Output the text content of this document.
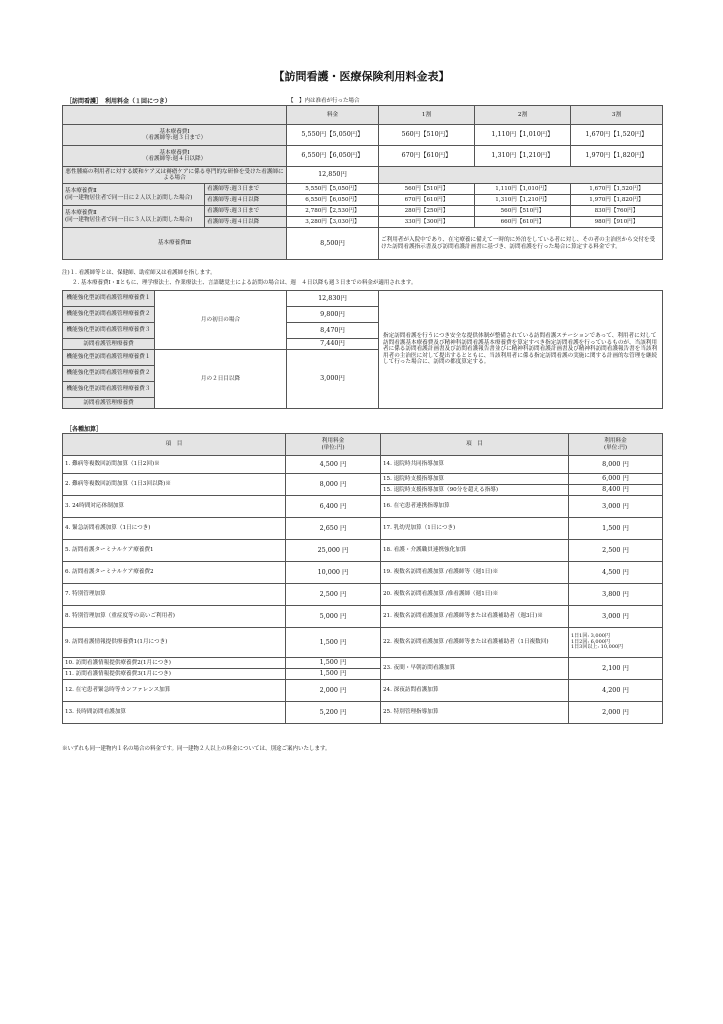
【訪問看護・医療保険利用料金表】
［訪問看護］　利用料金（１回につき）	【　】内は准看が行った場合
		料金	1割	2割	3割
基本療養費Ⅰ
（看護師等:週３日まで）		5,550円【5,050円】	560円【510円】	1,110円【1,010円】	1,670円【1,520円】
基本療養費Ⅰ
（看護師等:週４日以降）		6,550円【6,050円】	670円【610円】	1,310円【1,210円】	1,970円【1,820円】
悪性腫瘍の利用者に対する緩和ケア又は褥瘡ケアに係る専門的な研修を受けた看護師による場合		12,850円			
基本療養費Ⅱ
(同一建物居住者で同一日に２人以上訪問した場合)	看護師等:週３日まで	5,550円【5,050円】	560円【510円】	1,110円【1,010円】	1,670円【1,520円】
	看護師等:週４日以降	6,550円【6,050円】	670円【610円】	1,310円【1,210円】	1,970円【1,820円】
基本療養費Ⅱ
(同一建物居住者で同一日に３人以上訪問した場合)	看護師等:週３日まで	2,780円【2,530円】	280円【250円】	560円【510円】	830円【760円】
	看護師等:週４日以降	3,280円【3,030円】	330円【300円】	660円【610円】	980円【910円】
基本療養費Ⅲ		8,500円	ご利用者が入院中であり、在宅療養に備えて一時的に外泊をしている者に対し、その者の主治医から交付を受けた訪問看護指示書及び訪問看護計画書に基づき、訪問看護を行った場合に算定する料金です。		
注)１. 看護師等とは、保健師、助産師又は看護師を指します。
２. 基本療養費Ⅰ・Ⅱともに、理学療法士、作業療法士、言語聴覚士による訪問の場合は、週　４日以降も週３日までの料金が適用されます。
機能強化型訪問看護管理療養費１	月の初日の場合	12,830円	指定訪問看護を行うにつき安全な提供体制が整備されている訪問看護ステーションであって、利用者に対して訪問看護基本療養費及び精神科訪問看護基本療養費を算定すべき指定訪問看護を行っているものが、当該利用者に係る訪問看護計画書及び訪問看護報告書並びに精神科訪問看護計画書及び精神科訪問看護報告書を当該利用者の主治医に対して提出するとともに、当該利用者に係る指定訪問看護の実施に関する計画的な管理を継続して行った場合に、訪問の都度算定する。
機能強化型訪問看護管理療養費２		9,800円	
機能強化型訪問看護管理療養費３		8,470円	
訪問看護管理療養費		7,440円	
機能強化型訪問看護管理療養費１	月の２日目以降	3,000円	
機能強化型訪問看護管理療養費２			
機能強化型訪問看護管理療養費３			
訪問看護管理療養費			
［各種加算］
項　目	利用料金
(単位:円)	項　目	利用料金
(単位:円)
1. 難病等複数回訪問加算（1日2回)※	4,500 円	14. 退院時共同指導加算	8,000 円
2. 難病等複数回訪問加算（1日3回以降)※	8,000 円	15. 退院時支援指導加算	6,000 円
		15. 退院時支援指導加算（90分を超える指導)	8,400 円
3. 24時間対応体制加算	6,400 円	16. 在宅患者連携指導加算	3,000 円
4. 緊急訪問看護加算（1日につき)	2,650 円	17. 乳幼児加算（1日につき)	1,500 円
5. 訪問看護ターミナルケア療養費1	25,000 円	18. 看護・介護職員連携強化加算	2,500 円
6. 訪問看護ターミナルケア療養費2	10,000 円	19. 複数名訪問看護加算 /看護師等（週1日)※	4,500 円
7. 特別管理加算	2,500 円	20. 複数名訪問看護加算 /准看護師（週1日)※	3,800 円
8. 特別管理加算（重症度等の高いご利用者)	5,000 円	21. 複数名訪問看護加算 /看護師等または看護補助者（週3日)※	3,000 円
9. 訪問看護情報提供療養費1(1月につき)	1,500 円	22. 複数名訪問看護加算 /看護師等または看護補助者（1日複数回)	1日1回: 3,000円
1日2回: 6,000円
1日3回以上: 10,000円
10. 訪問看護情報提供療養費2(1月につき)	1,500 円	23. 夜間・早朝訪問看護加算	2,100 円
11. 訪問看護情報提供療養費3(1月につき)	1,500 円		
12. 在宅患者緊急時等カンファレンス加算	2,000 円	24. 深夜訪問看護加算	4,200 円
13. 長時間訪問看護加算	5,200 円	25. 特別管理指導加算	2,000 円
※いずれも同一建物内１名の場合の料金です。同一建物２人以上の料金については、別途ご案内いたします。
